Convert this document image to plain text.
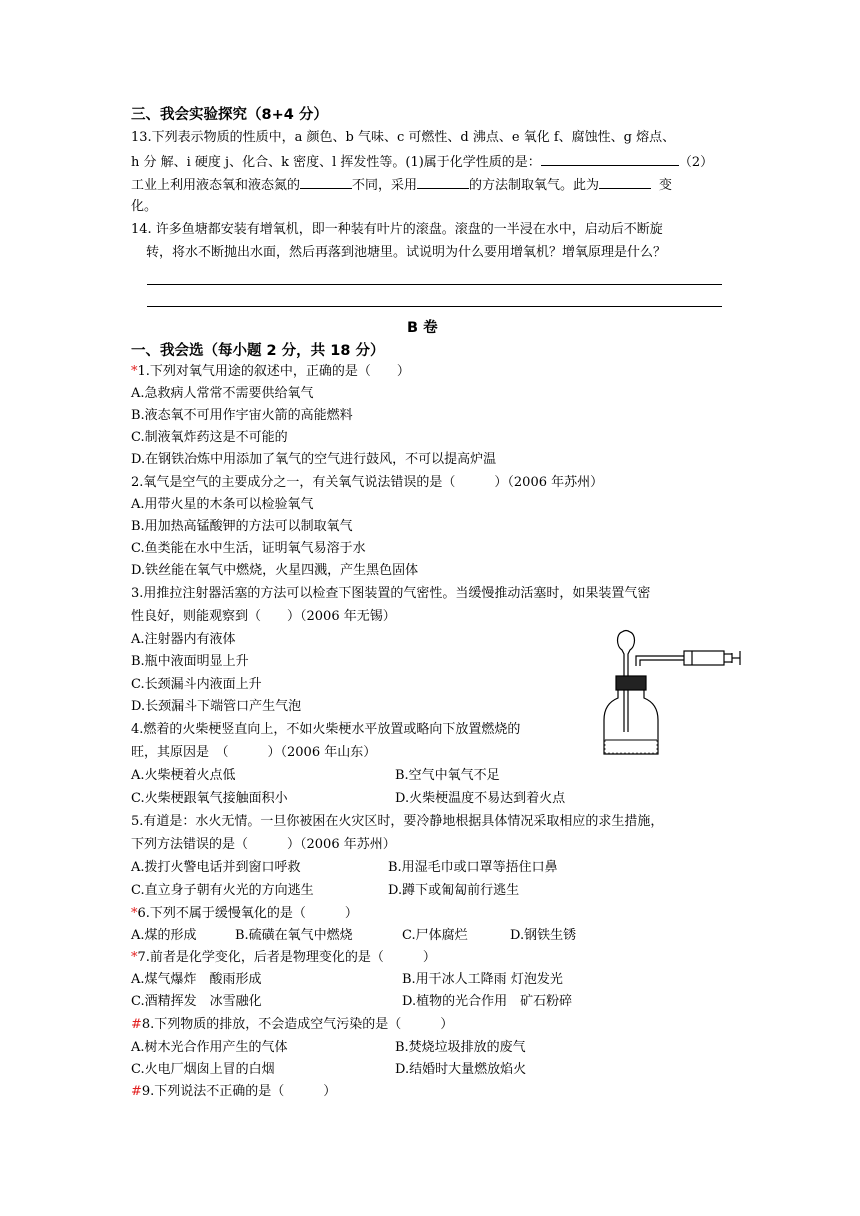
三、我会实验探究（8+4 分）
13.下列表示物质的性质中，a 颜色、b 气味、c 可燃性、d 沸点、e 氧化 f、腐蚀性、g 熔点、
h 分 解、i 硬度 j、化合、k 密度、l 挥发性等。(1)属于化学性质的是：	（2）
工业上利用液态氧和液态氮的	不同，采用	的方法制取氧气。此为	变
化。
14. 许多鱼塘都安装有增氧机，即一种装有叶片的滚盘。滚盘的一半浸在水中，启动后不断旋
转，将水不断抛出水面，然后再落到池塘里。试说明为什么要用增氧机？增氧原理是什么？
B 卷
一、我会选（每小题 2 分，共 18 分）
*1.下列对氧气用途的叙述中，正确的是（　　）
A.急救病人常常不需要供给氧气
B.液态氧不可用作宇宙火箭的高能燃料
C.制液氧炸药这是不可能的
D.在钢铁冶炼中用添加了氧气的空气进行鼓风，不可以提高炉温
2.氧气是空气的主要成分之一，有关氧气说法错误的是（　　　）（2006 年苏州）
A.用带火星的木条可以检验氧气
B.用加热高锰酸钾的方法可以制取氧气
C.鱼类能在水中生活，证明氧气易溶于水
D.铁丝能在氧气中燃烧，火星四溅，产生黑色固体
3.用推拉注射器活塞的方法可以检查下图装置的气密性。当缓慢推动活塞时，如果装置气密
性良好，则能观察到（　　）（2006 年无锡）
A.注射器内有液体
B.瓶中液面明显上升
C.长颈漏斗内液面上升
D.长颈漏斗下端管口产生气泡
4.燃着的火柴梗竖直向上，不如火柴梗水平放置或略向下放置燃烧的
旺，其原因是　（　　　）（2006 年山东）
A.火柴梗着火点低	B.空气中氧气不足
C.火柴梗跟氧气接触面积小	D.火柴梗温度不易达到着火点
5.有道是：水火无情。一旦你被困在火灾区时，要冷静地根据具体情况采取相应的求生措施，
下列方法错误的是（　　　）（2006 年苏州）
A.拨打火警电话并到窗口呼救	B.用湿毛巾或口罩等捂住口鼻
C.直立身子朝有火光的方向逃生	D.蹲下或匍匐前行逃生
*6.下列不属于缓慢氧化的是（　　　）
A.煤的形成	B.硫磺在氧气中燃烧	C.尸体腐烂	D.钢铁生锈
*7.前者是化学变化，后者是物理变化的是（　　　）
A.煤气爆炸　酸雨形成	B.用干冰人工降雨 灯泡发光
C.酒精挥发　冰雪融化	D.植物的光合作用　矿石粉碎
#8.下列物质的排放，不会造成空气污染的是（　　　）
A.树木光合作用产生的气体	B.焚烧垃圾排放的废气
C.火电厂烟囱上冒的白烟	D.结婚时大量燃放焰火
#9.下列说法不正确的是（　　　）
